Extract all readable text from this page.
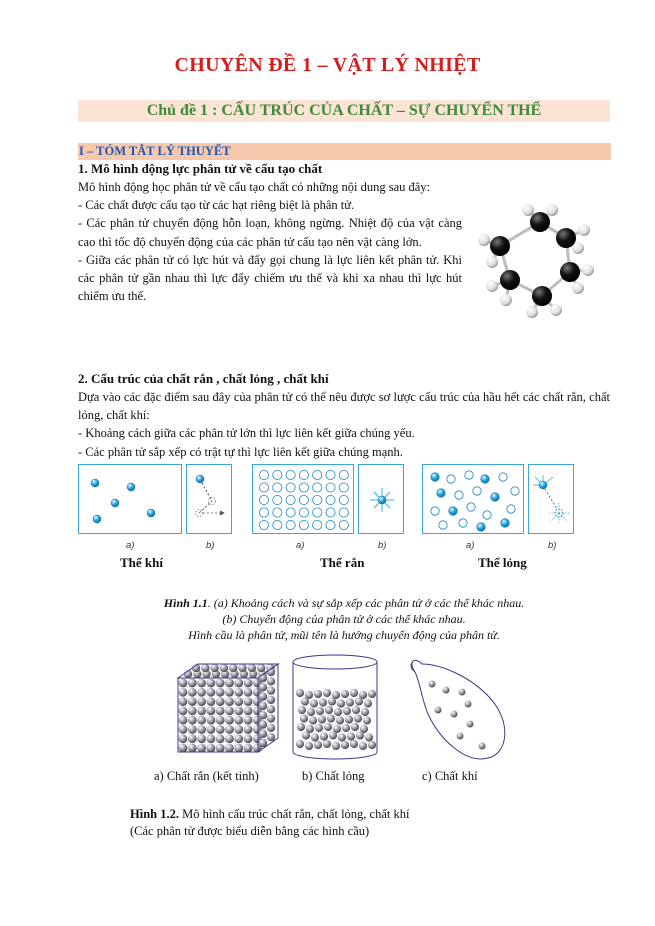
CHUYÊN ĐỀ 1 – VẬT LÝ NHIỆT
Chủ đề 1 : CẤU TRÚC CỦA CHẤT – SỰ CHUYỂN THỂ
I – TÓM TẮT LÝ THUYẾT
1. Mô hình động lực phân tử về cấu tạo chất

Mô hình động học phân tử về cấu tạo chất có những nội dung sau đây:

- Các chất được cấu tạo từ các hạt riêng biệt là phân tử.

- Các phân tử chuyển động hỗn loạn, không ngừng. Nhiệt độ của vật càng cao thì tốc độ chuyển động của các phân tử cấu tạo nên vật càng lớn.

- Giữa các phân tử có lực hút và đẩy gọi chung là lực liên kết phân tử. Khi các phân tử gần nhau thì lực đẩy chiếm ưu thế và khi xa nhau thì lực hút chiếm ưu thế.

2. Cấu trúc của chất rắn , chất lỏng , chất khí

Dựa vào các đặc điểm sau đây của phân tử có thể nêu được sơ lược cấu trúc của hầu hết các chất rắn, chất lỏng, chất khí:

- Khoảng cách giữa các phân tử lớn thì lực liên kết giữa chúng yếu.

- Các phân tử sắp xếp có trật tự thì lực liên kết giữa chúng mạnh.

a)	b)	a)	b)	a)	b)
Thể khí	Thể rắn	Thể lỏng
Hình 1.1. (a) Khoảng cách và sự sắp xếp các phân tử ở các thể khác nhau.
(b) Chuyển động của phân tử ở các thể khác nhau.
Hình cầu là phân tử, mũi tên là hướng chuyển động của phân tử.
a) Chất rắn (kết tinh)	b) Chất lỏng	c) Chất khí
Hình 1.2. Mô hình cấu trúc chất rắn, chất lỏng, chất khí
(Các phân tử được biểu diễn bằng các hình cầu)
